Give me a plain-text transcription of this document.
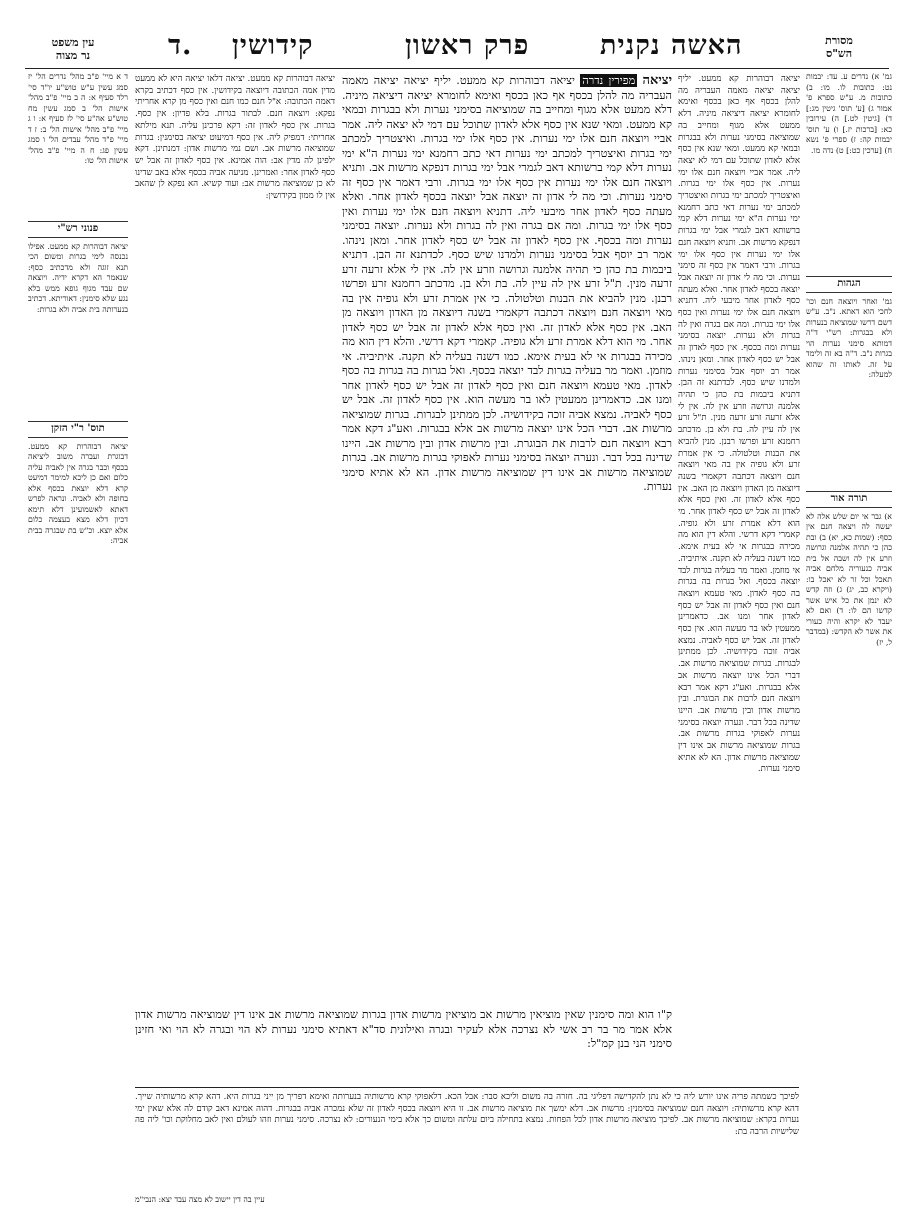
עין משפט
נר מצוה	ד. קידושין	פרק ראשון	האשה נקנית	מסורת
הש"ס

ד א מיי' פ"ב מהל' נדרים הל' יז סמג עשין ע"ש טוש"ע יו"ד סי' רלד סעיף א: ה ב מיי' פ"ב מהל' אישות הל' ב סמג עשין מח טוש"ע אה"ע סי' לז סעיף א: ו ג מיי' פ"ב מהל' אישות הל' ב: ז ד מיי' פ"ד מהל' עבדים הל' ו סמג עשין פג: ח ה מיי' פ"ב מהל' אישות הל' טו:

פנוני רש"י

יציאה דבוהרות קא ממעט. אפילו נכנסה לימי בגרות ומשום הכי תנא זוגה ולא מדכתיב כסף: שנאמר הא דקרא ידיה. ויוצאה שם עבד מגוף גופא ממש בלא נגע שלא סימנין: דאוריתא. דכתיב בנערותה בית אביה ולא בגרות:

תוס' ר"י הזקן

יציאה דבוהרות קא ממעט. דבוגרת ועברה משוב ליציאה בכסף וכבר בגרה אין לאביה עליה כלום ואם כן ליכא למימר דמיעט קרא דלא יוצאת בכסף אלא בחופה ולא לאביה. ונראה לפרש דאתא לאשמועינן דלא תימא דכיון דלא מצא בעצמה כלום אלא יוצא. וכ"ש בת שבגרה בבית אביה:

יציאה דבוהרות קא ממעט. יציאה דלאו יציאה היא לא ממעט מדין אמה הכתובה דיוצאה בקידושין. אין כסף דכתיב בקרא דאמה הכתובה: א"ל חנם כמו חנם ואין כסף מן קרא אחריתי נפקא: ויוצאה חנם. לבתור בגרות. בלא פדיון: אין כסף. בגרות. אין כסף לאדון זה: דקא פרכינן עליה. תנא מילתא אחריתי: דמפיק ליה. אין כסף דמיעוט יציאה בסימנין: בגרות שמוציאה מרשות אב. ושם נמי מרשות אדון: דמנתינן. דקא ילפינן לה מדין אב: הוה אמינא. אין כסף לאדון זה אבל יש כסף לאדון אחר: ואמרינן. מניעה אביה בכסף אלא באב שדינו לא כן שמוציאה מרשות אב: ועוד קשיא. הא נפקא לן שהאב אין לו ממון בקידושין:

יציאה מפירין נדרה יציאה דבוהרות קא ממעט. יליף יציאה יציאה מאמה העבריה מה להלן בכסף אף כאן בכסף ואימא לחומרא יציאה דיציאה מיניה. דלא ממעט אלא מגוף ומחייב בה שמוציאה בסימני נערות ולא בבגרות ובמאי קא ממעט. ומאי שנא אין כסף אלא לאדון שתוכל עם דמי לא יצאה ליה. אמר אביי ויוצאה חנם אלו ימי נערות. אין כסף אלו ימי בגרות. ואיצטריך למכתב ימי בגרות ואיצטריך למכתב ימי נערות דאי כתב רחמנא ימי נערות ה"א ימי נערות דלא קמי ברשותא דאב לגמרי אבל ימי בגרות דנפקא מרשות אב. ותניא ויוצאה חנם אלו ימי נערות אין כסף אלו ימי בגרות. ורבי דאמר אין כסף זה סימני נערות. וכי מה לי אדון זה יוצאה אבל יוצאה בכסף לאדון אחר. ואלא מעתה כסף לאדון אחר מיבעי ליה. דתניא ויוצאה חנם אלו ימי נערות ואין כסף אלו ימי בגרות. ומה אם בגרה ואין לה בגרות ולא נערות. יוצאה בסימני נערות ומה בכסף. אין כסף לאדון זה אבל יש כסף לאדון אחר. ומאן נינהו. אמר רב יוסף אבל בסימני נערות ולמדנו שיש כסף. לכדתנא זה הבן. דתניא ביבמות בת כהן כי תהיה אלמנה וגרושה וזרע אין לה. אין לי אלא זרעה זרע זרעה מנין. ת"ל זרע אין לה עיין לה. בת ולא בן. מדכתב רחמנא זרע ופרשו רבנן. מנין להביא את הבנות וטלטולה. כי אין אמרת זרע ולא גופיה אין בה מאי ויוצאה חנם ויוצאה דכתבה דקאמרי בשנה דיוצאה מן האדון ויוצאה מן האב. אין כסף אלא לאדון זה. ואין כסף אלא לאדון זה אבל יש כסף לאדון אחר. מי הוא דלא אמרת זרע ולא גופיה. קאמרי דקא דרשי. והלא דין הוא מה מכירה בבגרות אי לא בעית אימא. כמו דשנה בעליה לא תקנה. איתיביה. אי מוזמן. ואמר מר בעליה בגרות לבד יוצאה בכסף. ואל בגרות בה בגרות בה כסף לאדון. מאי טעמא ויוצאה חנם ואין כסף לאדון זה אבל יש כסף לאדון אחר ומנו אב. כדאמרינן ממעטין לאו בר מעשה הוא. אין כסף לאדון זה. אבל יש כסף לאביה. נמצא אביה זוכה בקידושיה. לכן ממתינן לבגרות. בגרות שמוציאה מרשות אב. דברי הכל אינו יוצאה מרשות אב אלא בבגרות. ואע"ג דקא אמר רבא ויוצאה חנם לרבות את הבוגרת. ובין מרשות אדון ובין מרשות אב. היינו שדינה בכל דבר. ונערה יוצאה בסימני נערות לאפוקי בגרות מרשות אב. בגרות שמוציאה מרשות אב אינו דין שמוציאה מרשות אדון. הא לא אתיא סימני נערות.

ק"ו הוא ומה סימנין שאין מוציאין מרשות אב מוציאין מרשות אדון בגרות שמוציאה מרשות אב אינו דין שמוציאה מרשות אדון אלא אמר מר בר רב אשי לא נצרכה אלא לעקיר ובגרה ואילונית סד"א דאתיא סימני נערות לא הוי ובגרה לא הוי ואי חזינן סימני הני בנן קמ"ל:

יציאה דבוהרות קא ממעט. יליף יציאה יציאה מאמה העבריה מה להלן בכסף אף כאן בכסף ואימא לחומרא יציאה דיציאה מיניה. דלא ממעט אלא מגוף ומחייב בה שמוציאה בסימני נערות ולא בבגרות ובמאי קא ממעט. ומאי שנא אין כסף אלא לאדון שתוכל עם דמי לא יצאה ליה. אמר אביי ויוצאה חנם אלו ימי נערות. אין כסף אלו ימי בגרות. ואיצטריך למכתב ימי בגרות ואיצטריך למכתב ימי נערות דאי כתב רחמנא ימי נערות ה"א ימי נערות דלא קמי ברשותא דאב לגמרי אבל ימי בגרות דנפקא מרשות אב. ותניא ויוצאה חנם אלו ימי נערות אין כסף אלו ימי בגרות. ורבי דאמר אין כסף זה סימני נערות. וכי מה לי אדון זה יוצאה אבל יוצאה בכסף לאדון אחר. ואלא מעתה כסף לאדון אחר מיבעי ליה. דתניא ויוצאה חנם אלו ימי נערות ואין כסף אלו ימי בגרות. ומה אם בגרה ואין לה בגרות ולא נערות. יוצאה בסימני נערות ומה בכסף. אין כסף לאדון זה אבל יש כסף לאדון אחר. ומאן נינהו. אמר רב יוסף אבל בסימני נערות ולמדנו שיש כסף. לכדתנא זה הבן. דתניא ביבמות בת כהן כי תהיה אלמנה וגרושה וזרע אין לה. אין לי אלא זרעה זרע זרעה מנין. ת"ל זרע אין לה עיין לה. בת ולא בן. מדכתב רחמנא זרע ופרשו רבנן. מנין להביא את הבנות וטלטולה. כי אין אמרת זרע ולא גופיה אין בה מאי ויוצאה חנם ויוצאה דכתבה דקאמרי בשנה דיוצאה מן האדון ויוצאה מן האב. אין כסף אלא לאדון זה. ואין כסף אלא לאדון זה אבל יש כסף לאדון אחר. מי הוא דלא אמרת זרע ולא גופיה. קאמרי דקא דרשי. והלא דין הוא מה מכירה בבגרות אי לא בעית אימא. כמו דשנה בעליה לא תקנה. איתיביה. אי מוזמן. ואמר מר בעליה בגרות לבד יוצאה בכסף. ואל בגרות בה בגרות בה כסף לאדון. מאי טעמא ויוצאה חנם ואין כסף לאדון זה אבל יש כסף לאדון אחר ומנו אב. כדאמרינן ממעטין לאו בר מעשה הוא. אין כסף לאדון זה. אבל יש כסף לאביה. נמצא אביה זוכה בקידושיה. לכן ממתינן לבגרות. בגרות שמוציאה מרשות אב. דברי הכל אינו יוצאה מרשות אב אלא בבגרות. ואע"ג דקא אמר רבא ויוצאה חנם לרבות את הבוגרת. ובין מרשות אדון ובין מרשות אב. היינו שדינה בכל דבר. ונערה יוצאה בסימני נערות לאפוקי בגרות מרשות אב. בגרות שמוציאה מרשות אב אינו דין שמוציאה מרשות אדון. הא לא אתיא סימני נערות.

גמ' א) נדרים ע. עד: יבמות נט: כתובות לו. מו: ב) כתובות מ. ע"ש ספרא פ' אמור ג) [ע' תוס' גיטין מג:] ד) [גיטין לט.] ה) עירובין כא: [ברכות יז.] ו) ע' תוס' יבמות קה: ז) ספרי פ' נשא ח) [ערכין כט:] ט) נדה מו.

הגהות

גמ' ואחר ויוצאה חנם וכו' לחכי הוא דאתא. נ"ב. ע"ש דשם דרשו שמוציאה בנערות ולא בבגרות: רש"י ד"ה דמותא סימני נערות הוי בגרות נ"ב. ד"ה בא זה ולימד על זה. לאותו זה שהוא למעלה:

תורה אור

א) גבר אי יום שלש אלה לא יעשה לה ויצאה חנם אין כסף: (שמות כא, יא) ב) ובת כהן כי תהיה אלמנה וגרושה וזרע אין לה ושבה אל בית אביה כנעוריה מלחם אביה תאכל וכל זר לא יאכל בו: (ויקרא כב, יג) ג) וזה קדש לא ינמן את כל איש אשר קדשו הם לו: ד) ואם לא יעבד לא יקרא והיה כעורי את אשר לא הקדש: (במדבר ל, יז)

לפיכך כשמתה פריה אינו יורש ליה כי לא נתן להקדישה דפליגי בה. חזרה בה משום וליכא סבר: אבל הכא. דלאפוקי קרא מרשותיה בנערותה ואימא דפריך מן ייני בגרות היא. דהא קרא מרשותיה שייך. דהא קרא מרשותיה: ויוצאה חנם שמוציאה בסימנין: מרשות אב. דלא ימשך את מוציאה מרשות אב. זו היא ויוצאה בכסף לאדון זה שלא נמכרה אביה בבגרות. דהוה אמינא דאב קודם לה אלא שאין ימי נערות בקרא: שמוציאה מרשות אב. לפיכך מוציאה מרשות אדון לכל הפחות. נמצא בתחילה ביום עלתה ומשום כך אלא בימי הנעורים: לא נצרכה. סימני נערות וזהו לעולם ואין לאב מחלוקת וכו' ליה פה שלישיות הרבה בת:

עיין בה דין יישוב לא מצה עבד יצא: הנבי"מ
